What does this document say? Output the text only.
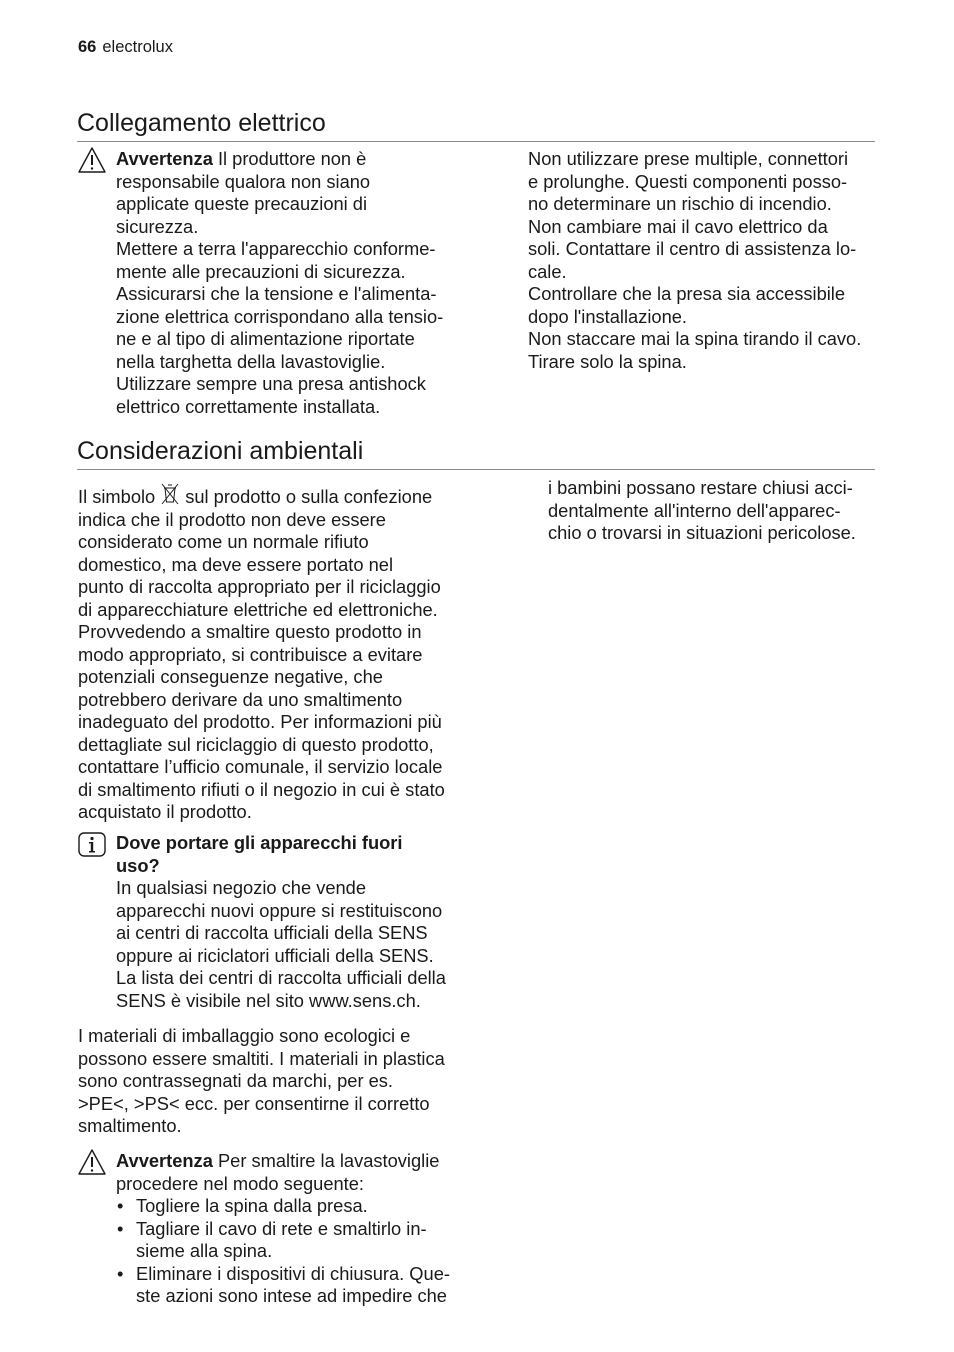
66 electrolux
Collegamento elettrico

Avvertenza Il produttore non è
responsabile qualora non siano
applicate queste precauzioni di
sicurezza.
Mettere a terra l'apparecchio conforme-
mente alle precauzioni di sicurezza.
Assicurarsi che la tensione e l'alimenta-
zione elettrica corrispondano alla tensio-
ne e al tipo di alimentazione riportate
nella targhetta della lavastoviglie.
Utilizzare sempre una presa antishock
elettrico correttamente installata.

Non utilizzare prese multiple, connettori
e prolunghe. Questi componenti posso-
no determinare un rischio di incendio.
Non cambiare mai il cavo elettrico da
soli. Contattare il centro di assistenza lo-
cale.
Controllare che la presa sia accessibile
dopo l'installazione.
Non staccare mai la spina tirando il cavo.
Tirare solo la spina.

Considerazioni ambientali

Il simbolo sul prodotto o sulla confezione
indica che il prodotto non deve essere
considerato come un normale rifiuto
domestico, ma deve essere portato nel
punto di raccolta appropriato per il riciclaggio
di apparecchiature elettriche ed elettroniche.
Provvedendo a smaltire questo prodotto in
modo appropriato, si contribuisce a evitare
potenziali conseguenze negative, che
potrebbero derivare da uno smaltimento
inadeguato del prodotto. Per informazioni più
dettagliate sul riciclaggio di questo prodotto,
contattare l’ufficio comunale, il servizio locale
di smaltimento rifiuti o il negozio in cui è stato
acquistato il prodotto.

Dove portare gli apparecchi fuori
uso?

In qualsiasi negozio che vende
apparecchi nuovi oppure si restituiscono
ai centri di raccolta ufficiali della SENS
oppure ai riciclatori ufficiali della SENS.
La lista dei centri di raccolta ufficiali della
SENS è visibile nel sito www.sens.ch.

I materiali di imballaggio sono ecologici e
possono essere smaltiti. I materiali in plastica
sono contrassegnati da marchi, per es.
>PE<, >PS< ecc. per consentirne il corretto
smaltimento.

Avvertenza Per smaltire la lavastoviglie
procedere nel modo seguente:

• Togliere la spina dalla presa.
• Tagliare il cavo di rete e smaltirlo in-
sieme alla spina.
• Eliminare i dispositivi di chiusura. Que-
ste azioni sono intese ad impedire che

i bambini possano restare chiusi acci-
dentalmente all'interno dell'apparec-
chio o trovarsi in situazioni pericolose.
